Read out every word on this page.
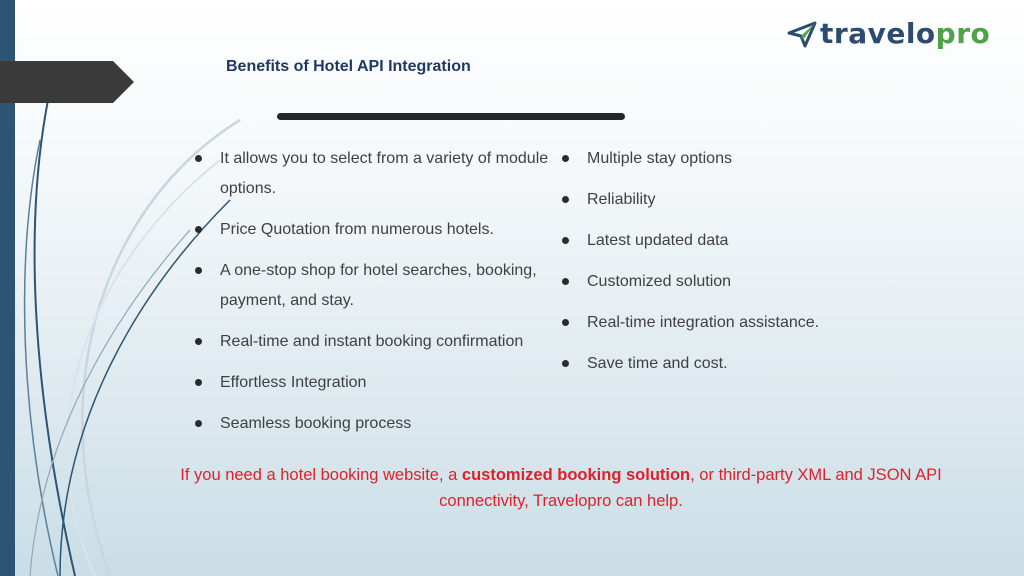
travelopro
Benefits of Hotel API Integration
It allows you to select from a variety of module options.
Price Quotation from numerous hotels.
A one-stop shop for hotel searches, booking, payment, and stay.
Real-time and instant booking confirmation
Effortless Integration
Seamless booking process
Multiple stay options
Reliability
Latest updated data
Customized solution
Real-time integration assistance.
Save time and cost.
If you need a hotel booking website, a customized booking solution, or third-party XML and JSON API connectivity, Travelopro can help.
